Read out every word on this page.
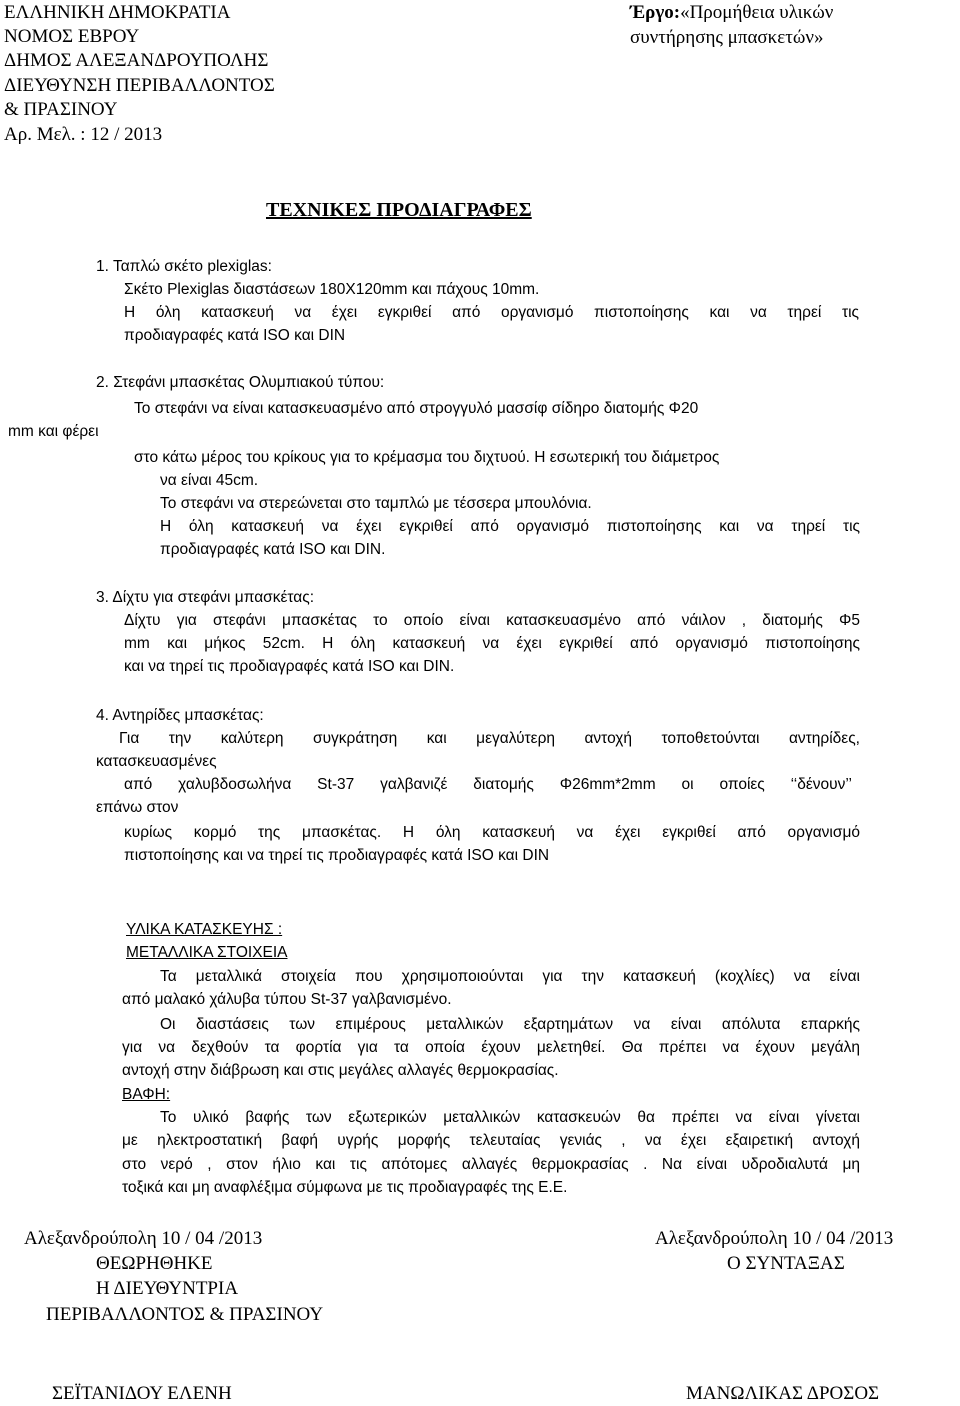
ΕΛΛΗΝΙΚΗ ΔΗΜΟΚΡΑΤΙΑ
ΝΟΜΟΣ ΕΒΡΟΥ
ΔΗΜΟΣ ΑΛΕΞΑΝΔΡΟΥΠΟΛΗΣ
ΔΙΕΥΘΥΝΣΗ ΠΕΡΙΒΑΛΛΟΝΤΟΣ
& ΠΡΑΣΙΝΟΥ
Αρ. Μελ. : 12 / 2013
Έργο:«Προμήθεια υλικών
συντήρησης μπασκετών»
ΤΕΧΝΙΚΕΣ ΠΡΟΔΙΑΓΡΑΦΕΣ
1. Ταπλώ σκέτο plexiglas:
Σκέτο Plexiglas διαστάσεων 180Χ120mm και πάχους 10mm.
Η όλη κατασκευή να έχει εγκριθεί από οργανισμό πιστοποίησης και να τηρεί τις
προδιαγραφές κατά ISO και DIN
2. Στεφάνι μπασκέτας Ολυμπιακού τύπου:
Το στεφάνι να είναι κατασκευασμένο από στρογγυλό μασσίφ σίδηρο διατομής Φ20
mm και φέρει
στο κάτω μέρος του κρίκους για το κρέμασμα του διχτυού. Η εσωτερική του διάμετρος
να είναι 45cm.
Το στεφάνι να στερεώνεται στο ταμπλώ με τέσσερα μπουλόνια.
Η όλη κατασκευή να έχει εγκριθεί από οργανισμό πιστοποίησης και να τηρεί τις
προδιαγραφές κατά ISO και DIN.
3. Δίχτυ για στεφάνι μπασκέτας:
Δίχτυ για στεφάνι μπασκέτας το οποίο είναι κατασκευασμένο από νάιλον , διατομής Φ5
mm και μήκος 52cm. Η όλη κατασκευή να έχει εγκριθεί από οργανισμό πιστοποίησης
και να τηρεί τις προδιαγραφές κατά ISO και DIN.
4. Αντηρίδες μπασκέτας:
Για την καλύτερη συγκράτηση και μεγαλύτερη αντοχή τοποθετούνται αντηρίδες,
κατασκευασμένες
από χαλυβδοσωλήνα St-37 γαλβανιζέ διατομής Φ26mm*2mm οι οποίες ‘‘δένουν’’
επάνω στον
κυρίως κορμό της μπασκέτας. Η όλη κατασκευή να έχει εγκριθεί από οργανισμό
πιστοποίησης και να τηρεί τις προδιαγραφές κατά ISO και DIN
ΥΛΙΚΑ ΚΑΤΑΣΚΕΥΗΣ :
ΜΕΤΑΛΛΙΚΑ ΣΤΟΙΧΕΙΑ
Τα μεταλλικά στοιχεία που χρησιμοποιούνται για την κατασκευή (κοχλίες) να είναι
από μαλακό χάλυβα τύπου St-37 γαλβανισμένο.
Οι διαστάσεις των επιμέρους μεταλλικών εξαρτημάτων να είναι απόλυτα επαρκής
για να δεχθούν τα φορτία για τα οποία έχουν μελετηθεί. Θα πρέπει να έχουν μεγάλη
αντοχή στην διάβρωση και στις μεγάλες αλλαγές θερμοκρασίας.
ΒΑΦΗ:
Το υλικό βαφής των εξωτερικών μεταλλικών κατασκευών θα πρέπει να είναι γίνεται
με ηλεκτροστατική βαφή υγρής μορφής τελευταίας γενιάς , να έχει εξαιρετική αντοχή
στο νερό , στον ήλιο και τις απότομες αλλαγές θερμοκρασίας . Να είναι υδροδιαλυτά μη
τοξικά και μη αναφλέξιμα σύμφωνα με τις προδιαγραφές της Ε.Ε.
Αλεξανδρούπολη 10 / 04 /2013
ΘΕΩΡΗΘΗΚΕ
Η ΔΙΕΥΘΥΝΤΡΙΑ
ΠΕΡΙΒΑΛΛΟΝΤΟΣ & ΠΡΑΣΙΝΟΥ
ΣΕΪΤΑΝΙΔΟΥ ΕΛΕΝΗ
Αλεξανδρούπολη 10 / 04 /2013
Ο ΣΥΝΤΑΞΑΣ
ΜΑΝΩΛΙΚΑΣ ΔΡΟΣΟΣ
